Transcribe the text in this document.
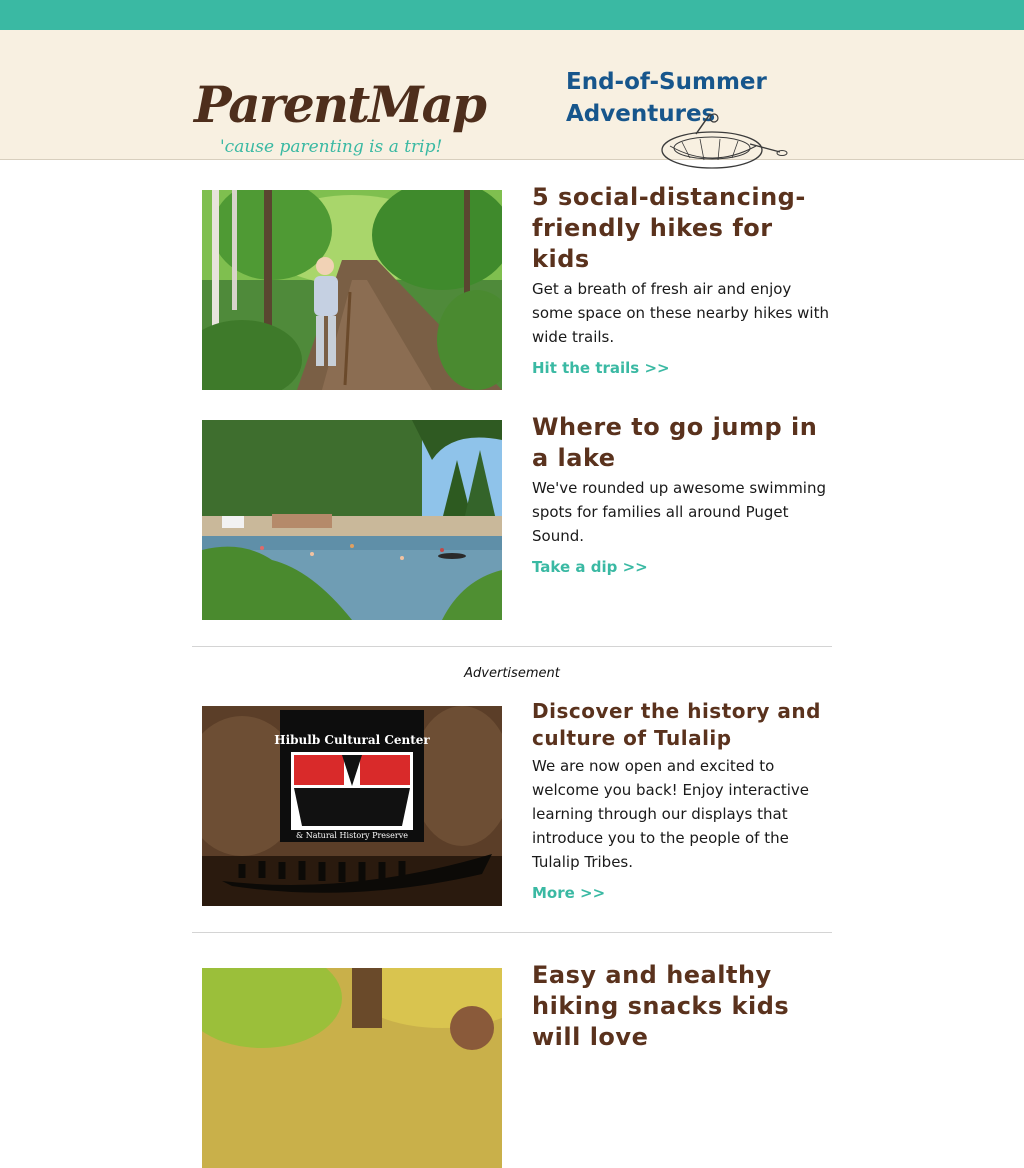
ParentMap
'cause parenting is a trip!
End-of-Summer
Adventures
5 social-distancing-friendly hikes for kids

Get a breath of fresh air and enjoy some space on these nearby hikes with wide trails.

Hit the trails >>
Where to go jump in a lake

We've rounded up awesome swimming spots for families all around Puget Sound.

Take a dip >>
Advertisement
Hibulb Cultural Center
& Natural History Preserve
Discover the history and culture of Tulalip

We are now open and excited to welcome you back! Enjoy interactive learning through our displays that introduce you to the people of the Tulalip Tribes.

More >>
Easy and healthy hiking snacks kids will love
